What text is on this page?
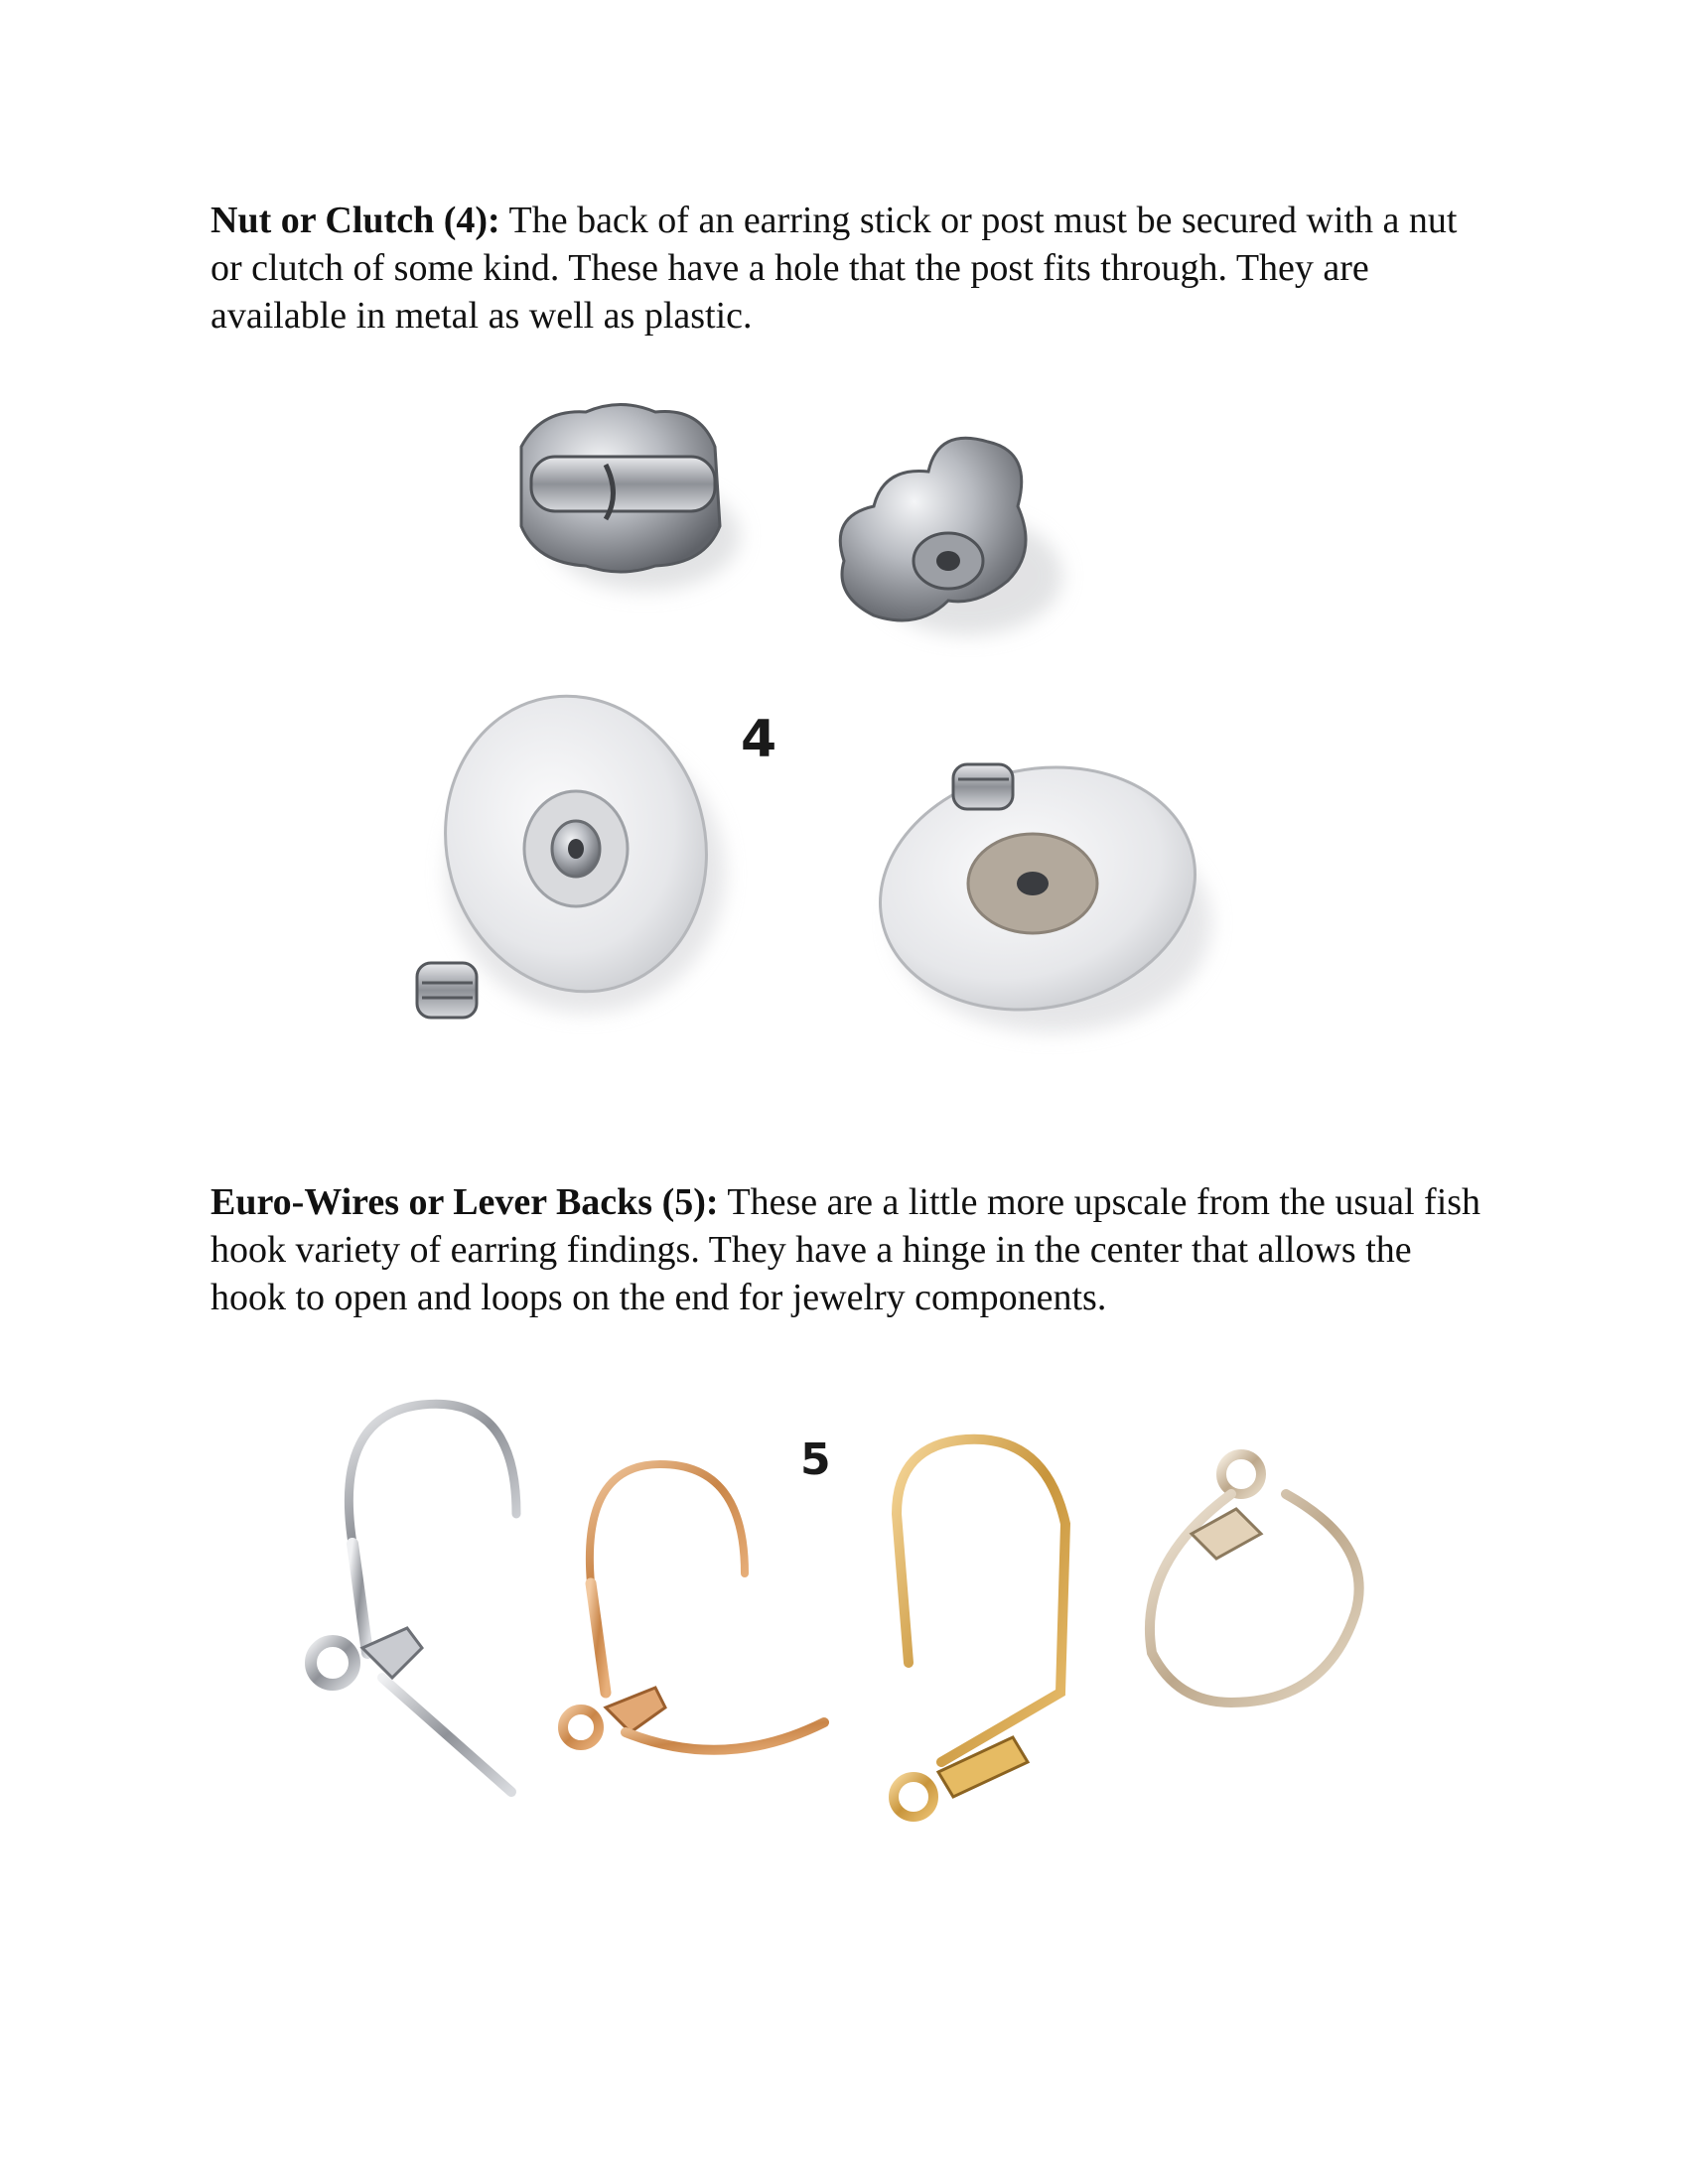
Nut or Clutch (4): The back of an earring stick or post must be secured with a nut or clutch of some kind. These have a hole that the post fits through. They are available in metal as well as plastic.

4

Euro-Wires or Lever Backs (5): These are a little more upscale from the usual fish hook variety of earring findings. They have a hinge in the center that allows the hook to open and loops on the end for jewelry components.

5
